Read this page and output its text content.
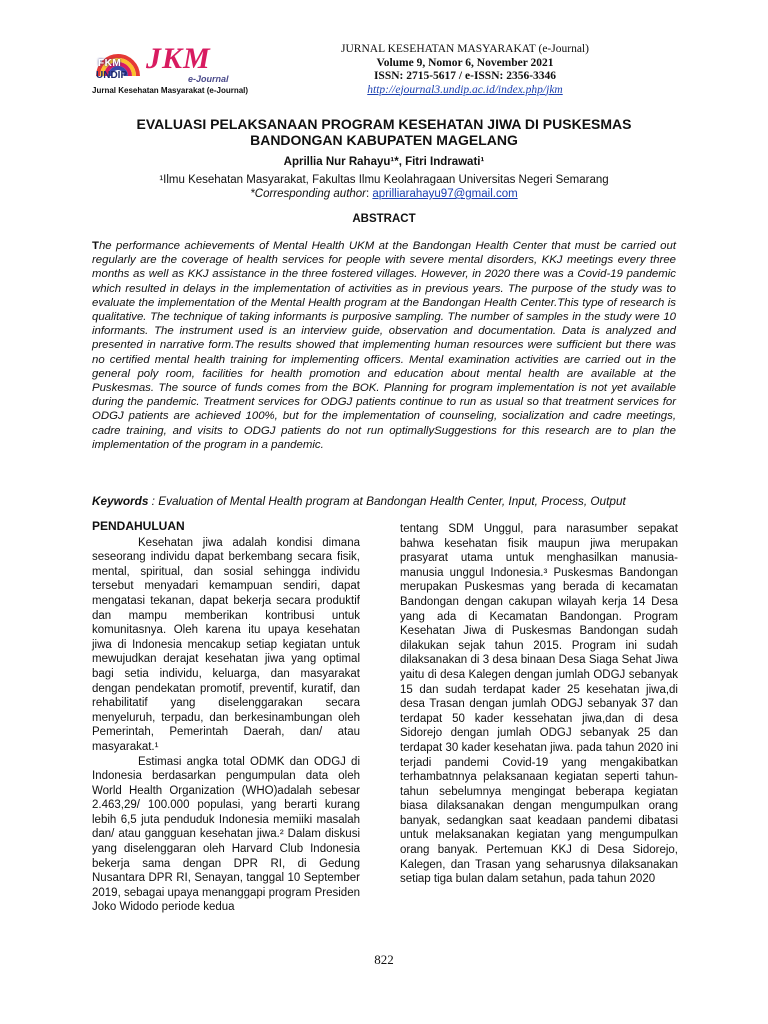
FKM
UNDIP
JKM
e-Journal
Jurnal Kesehatan Masyarakat (e-Journal)
JURNAL KESEHATAN MASYARAKAT (e-Journal)
Volume 9, Nomor 6, November 2021
ISSN: 2715-5617 / e-ISSN: 2356-3346
http://ejournal3.undip.ac.id/index.php/jkm
EVALUASI PELAKSANAAN PROGRAM KESEHATAN JIWA DI PUSKESMAS
BANDONGAN KABUPATEN MAGELANG
Aprillia Nur Rahayu¹*, Fitri Indrawati¹
¹Ilmu Kesehatan Masyarakat, Fakultas Ilmu Keolahragaan Universitas Negeri Semarang
*Corresponding author: aprilliarahayu97@gmail.com
ABSTRACT
The performance achievements of Mental Health UKM at the Bandongan Health Center that must be carried out regularly are the coverage of health services for people with severe mental disorders, KKJ meetings every three months as well as KKJ assistance in the three fostered villages. However, in 2020 there was a Covid-19 pandemic which resulted in delays in the implementation of activities as in previous years. The purpose of the study was to evaluate the implementation of the Mental Health program at the Bandongan Health Center.This type of research is qualitative. The technique of taking informants is purposive sampling. The number of samples in the study were 10 informants. The instrument used is an interview guide, observation and documentation. Data is analyzed and presented in narrative form.The results showed that implementing human resources were sufficient but there was no certified mental health training for implementing officers. Mental examination activities are carried out in the general poly room, facilities for health promotion and education about mental health are available at the Puskesmas. The source of funds comes from the BOK. Planning for program implementation is not yet available during the pandemic. Treatment services for ODGJ patients continue to run as usual so that treatment services for ODGJ patients are achieved 100%, but for the implementation of counseling, socialization and cadre meetings, cadre training, and visits to ODGJ patients do not run optimallySuggestions for this research are to plan the implementation of the program in a pandemic.
Keywords : Evaluation of Mental Health program at Bandongan Health Center, Input, Process, Output
PENDAHULUAN

Kesehatan jiwa adalah kondisi dimana seseorang individu dapat berkembang secara fisik, mental, spiritual, dan sosial sehingga individu tersebut menyadari kemampuan sendiri, dapat mengatasi tekanan, dapat bekerja secara produktif dan mampu memberikan kontribusi untuk komunitasnya. Oleh karena itu upaya kesehatan jiwa di Indonesia mencakup setiap kegiatan untuk mewujudkan derajat kesehatan jiwa yang optimal bagi setia individu, keluarga, dan masyarakat dengan pendekatan promotif, preventif, kuratif, dan rehabilitatif yang diselenggarakan secara menyeluruh, terpadu, dan berkesinambungan oleh Pemerintah, Pemerintah Daerah, dan/ atau masyarakat.¹

Estimasi angka total ODMK dan ODGJ di Indonesia berdasarkan pengumpulan data oleh World Health Organization (WHO)adalah sebesar 2.463,29/ 100.000 populasi, yang berarti kurang lebih 6,5 juta penduduk Indonesia memiiki masalah dan/ atau gangguan kesehatan jiwa.² Dalam diskusi yang diselenggaran oleh Harvard Club Indonesia bekerja sama dengan DPR RI, di Gedung Nusantara DPR RI, Senayan, tanggal 10 September 2019, sebagai upaya menanggapi program Presiden Joko Widodo periode kedua

tentang SDM Unggul, para narasumber sepakat bahwa kesehatan fisik maupun jiwa merupakan prasyarat utama untuk menghasilkan manusia-manusia unggul Indonesia.³ Puskesmas Bandongan merupakan Puskesmas yang berada di kecamatan Bandongan dengan cakupan wilayah kerja 14 Desa yang ada di Kecamatan Bandongan. Program Kesehatan Jiwa di Puskesmas Bandongan sudah dilakukan sejak tahun 2015. Program ini sudah dilaksanakan di 3 desa binaan Desa Siaga Sehat Jiwa yaitu di desa Kalegen dengan jumlah ODGJ sebanyak 15 dan sudah terdapat kader 25 kesehatan jiwa,di desa Trasan dengan jumlah ODGJ sebanyak 37 dan terdapat 50 kader kessehatan jiwa,dan di desa Sidorejo dengan jumlah ODGJ sebanyak 25 dan terdapat 30 kader kesehatan jiwa. pada tahun 2020 ini terjadi pandemi Covid-19 yang mengakibatkan terhambatnnya pelaksanaan kegiatan seperti tahun- tahun sebelumnya mengingat beberapa kegiatan biasa dilaksanakan dengan mengumpulkan orang banyak, sedangkan saat keadaan pandemi dibatasi untuk melaksanakan kegiatan yang mengumpulkan orang banyak. Pertemuan KKJ di Desa Sidorejo, Kalegen, dan Trasan yang seharusnya dilaksanakan setiap tiga bulan dalam setahun, pada tahun 2020

822
